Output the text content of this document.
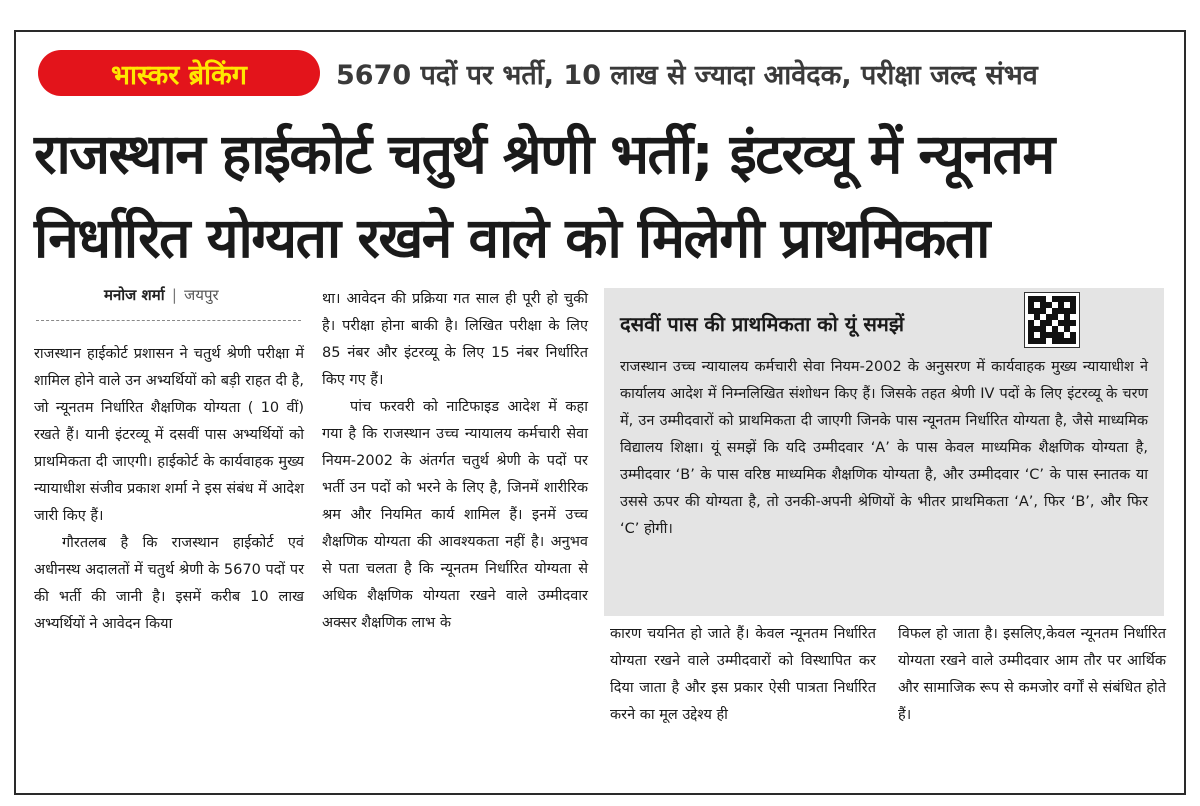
भास्कर ब्रेकिंग	5670 पदों पर भर्ती, 10 लाख से ज्यादा आवेदक, परीक्षा जल्द संभव
राजस्थान हाईकोर्ट चतुर्थ श्रेणी भर्ती; इंटरव्यू में न्यूनतम
निर्धारित योग्यता रखने वाले को मिलेगी प्राथमिकता
मनोज शर्मा | जयपुर

राजस्थान हाईकोर्ट प्रशासन ने चतुर्थ श्रेणी परीक्षा में शामिल होने वाले उन अभ्यर्थियों को बड़ी राहत दी है, जो न्यूनतम निर्धारित शैक्षणिक योग्यता ( 10 वीं) रखते हैं। यानी इंटरव्यू में दसवीं पास अभ्यर्थियों को प्राथमिकता दी जाएगी। हाईकोर्ट के कार्यवाहक मुख्य न्यायाधीश संजीव प्रकाश शर्मा ने इस संबंध में आदेश जारी किए हैं।

गौरतलब है कि राजस्थान हाईकोर्ट एवं अधीनस्थ अदालतों में चतुर्थ श्रेणी के 5670 पदों पर की भर्ती की जानी है। इसमें करीब 10 लाख अभ्यर्थियों ने आवेदन किया

था। आवेदन की प्रक्रिया गत साल ही पूरी हो चुकी है। परीक्षा होना बाकी है। लिखित परीक्षा के लिए 85 नंबर और इंटरव्यू के लिए 15 नंबर निर्धारित किए गए हैं।

पांच फरवरी को नाटिफाइड आदेश में कहा गया है कि राजस्थान उच्च न्यायालय कर्मचारी सेवा नियम-2002 के अंतर्गत चतुर्थ श्रेणी के पदों पर भर्ती उन पदों को भरने के लिए है, जिनमें शारीरिक श्रम और नियमित कार्य शामिल हैं। इनमें उच्च शैक्षणिक योग्यता की आवश्यकता नहीं है। अनुभव से पता चलता है कि न्यूनतम निर्धारित योग्यता से अधिक शैक्षणिक योग्यता रखने वाले उम्मीदवार अक्सर शैक्षणिक लाभ के

दसवीं पास की प्राथमिकता को यूं समझें
राजस्थान उच्च न्यायालय कर्मचारी सेवा नियम-2002 के अनुसरण में कार्यवाहक मुख्य न्यायाधीश ने कार्यालय आदेश में निम्नलिखित संशोधन किए हैं। जिसके तहत श्रेणी IV पदों के लिए इंटरव्यू के चरण में, उन उम्मीदवारों को प्राथमिकता दी जाएगी जिनके पास न्यूनतम निर्धारित योग्यता है, जैसे माध्यमिक विद्यालय शिक्षा। यूं समझें कि यदि उम्मीदवार ‘A’ के पास केवल माध्यमिक शैक्षणिक योग्यता है, उम्मीदवार ‘B’ के पास वरिष्ठ माध्यमिक शैक्षणिक योग्यता है, और उम्मीदवार ‘C’ के पास स्नातक या उससे ऊपर की योग्यता है, तो उनकी-अपनी श्रेणियों के भीतर प्राथमिकता ‘A’, फिर ‘B’, और फिर ‘C’ होगी।

कारण चयनित हो जाते हैं। केवल न्यूनतम निर्धारित योग्यता रखने वाले उम्मीदवारों को विस्थापित कर दिया जाता है और इस प्रकार ऐसी पात्रता निर्धारित करने का मूल उद्देश्य ही

विफल हो जाता है। इसलिए,केवल न्यूनतम निर्धारित योग्यता रखने वाले उम्मीदवार आम तौर पर आर्थिक और सामाजिक रूप से कमजोर वर्गों से संबंधित होते हैं।
